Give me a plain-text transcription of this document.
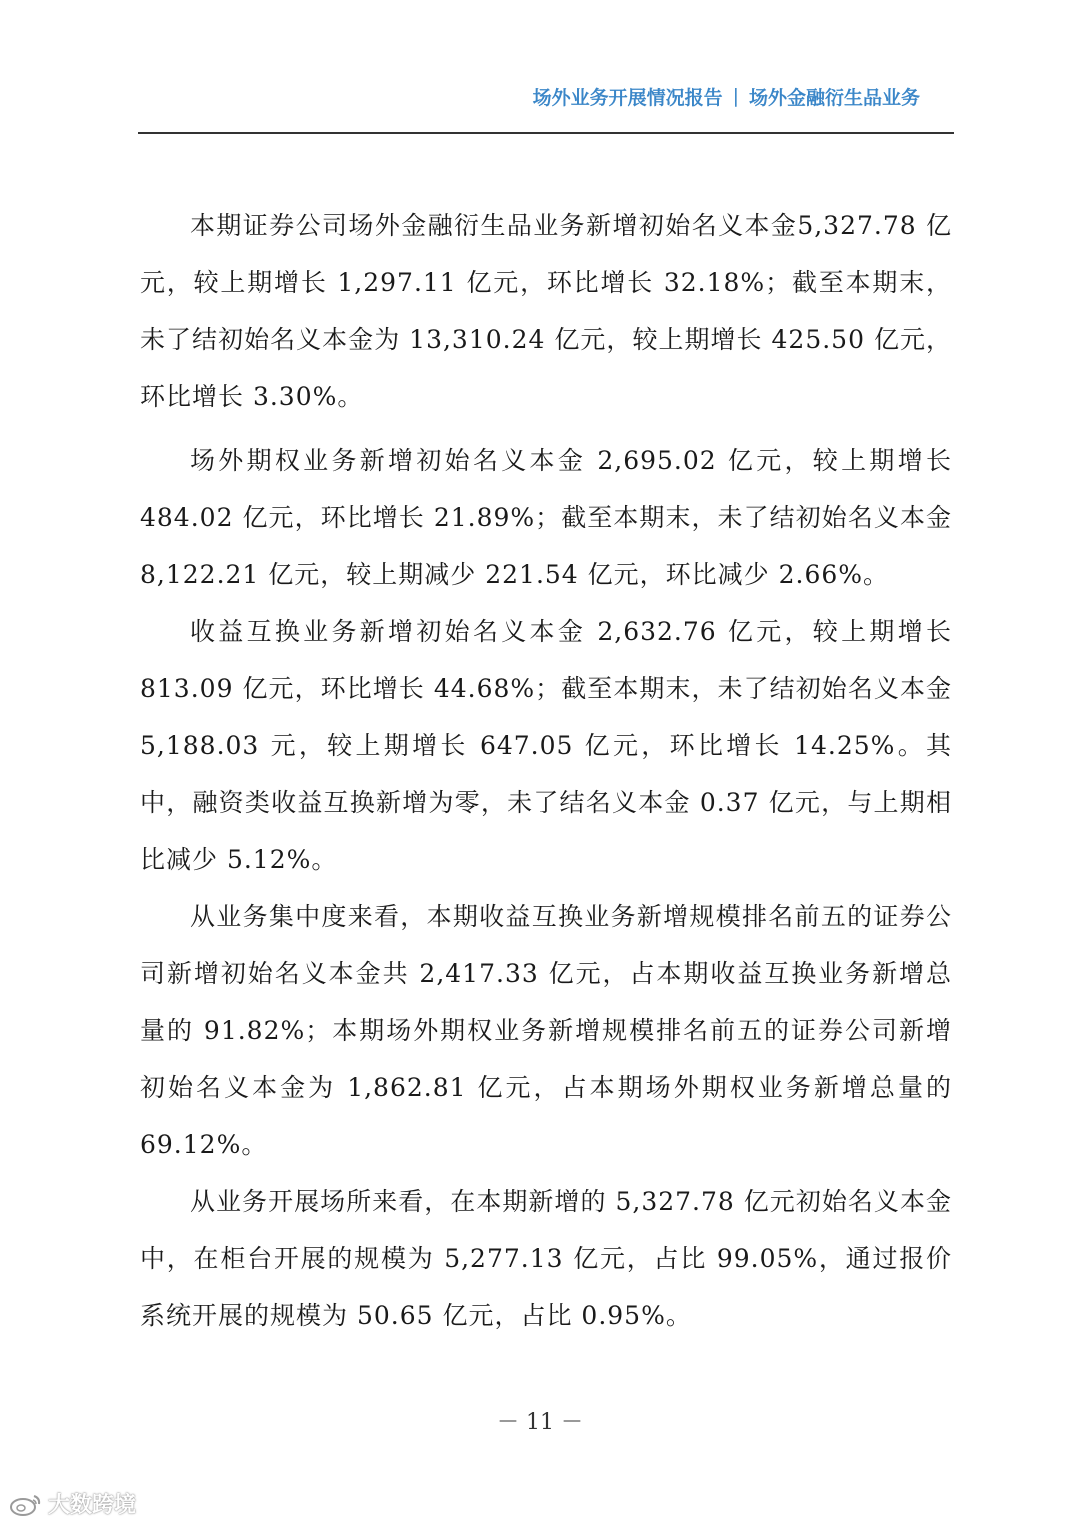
场外业务开展情况报告 | 场外金融衍生品业务

本期证券公司场外金融衍生品业务新增初始名义本金5,327.78 亿元，较上期增长 1,297.11 亿元，环比增长 32.18%；截至本期末，未了结初始名义本金为 13,310.24 亿元，较上期增长 425.50 亿元，环比增长 3.30%。

场外期权业务新增初始名义本金 2,695.02 亿元，较上期增长 484.02 亿元，环比增长 21.89%；截至本期末，未了结初始名义本金 8,122.21 亿元，较上期减少 221.54 亿元，环比减少 2.66%。

收益互换业务新增初始名义本金 2,632.76 亿元，较上期增长 813.09 亿元，环比增长 44.68%；截至本期末，未了结初始名义本金 5,188.03 元，较上期增长 647.05 亿元，环比增长 14.25%。其中，融资类收益互换新增为零，未了结名义本金 0.37 亿元，与上期相比减少 5.12%。

从业务集中度来看，本期收益互换业务新增规模排名前五的证券公司新增初始名义本金共 2,417.33 亿元，占本期收益互换业务新增总量的 91.82%；本期场外期权业务新增规模排名前五的证券公司新增初始名义本金为 1,862.81 亿元，占本期场外期权业务新增总量的 69.12%。

从业务开展场所来看，在本期新增的 5,327.78 亿元初始名义本金中，在柜台开展的规模为 5,277.13 亿元，占比 99.05%，通过报价系统开展的规模为 50.65 亿元，占比 0.95%。

－ 11 －
大数跨境
